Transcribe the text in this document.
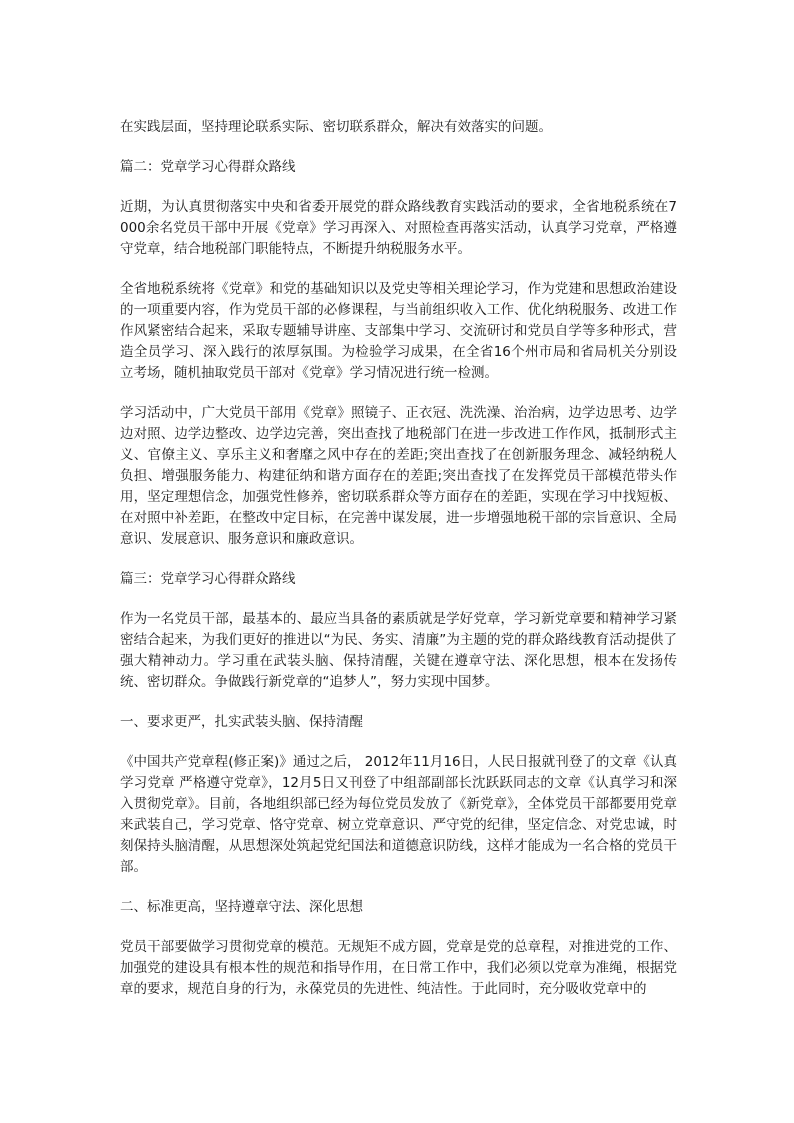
在实践层面，坚持理论联系实际、密切联系群众，解决有效落实的问题。

篇二：党章学习心得群众路线

近期，为认真贯彻落实中央和省委开展党的群众路线教育实践活动的要求，全省地税系统在7000余名党员干部中开展《党章》学习再深入、对照检查再落实活动，认真学习党章，严格遵守党章，结合地税部门职能特点，不断提升纳税服务水平。

全省地税系统将《党章》和党的基础知识以及党史等相关理论学习，作为党建和思想政治建设的一项重要内容，作为党员干部的必修课程，与当前组织收入工作、优化纳税服务、改进工作作风紧密结合起来，采取专题辅导讲座、支部集中学习、交流研讨和党员自学等多种形式，营造全员学习、深入践行的浓厚氛围。为检验学习成果，在全省16个州市局和省局机关分别设立考场，随机抽取党员干部对《党章》学习情况进行统一检测。

学习活动中，广大党员干部用《党章》照镜子、正衣冠、洗洗澡、治治病，边学边思考、边学边对照、边学边整改、边学边完善，突出查找了地税部门在进一步改进工作作风，抵制形式主义、官僚主义、享乐主义和奢靡之风中存在的差距;突出查找了在创新服务理念、减轻纳税人负担、增强服务能力、构建征纳和谐方面存在的差距;突出查找了在发挥党员干部模范带头作用，坚定理想信念，加强党性修养，密切联系群众等方面存在的差距，实现在学习中找短板、在对照中补差距，在整改中定目标，在完善中谋发展，进一步增强地税干部的宗旨意识、全局意识、发展意识、服务意识和廉政意识。

篇三：党章学习心得群众路线

作为一名党员干部，最基本的、最应当具备的素质就是学好党章，学习新党章要和精神学习紧密结合起来，为我们更好的推进以“为民、务实、清廉”为主题的党的群众路线教育活动提供了强大精神动力。学习重在武装头脑、保持清醒，关键在遵章守法、深化思想，根本在发扬传统、密切群众。争做践行新党章的“追梦人”，努力实现中国梦。

一、要求更严，扎实武装头脑、保持清醒

《中国共产党章程(修正案)》通过之后， 2012年11月16日，人民日报就刊登了的文章《认真学习党章 严格遵守党章》，12月5日又刊登了中组部副部长沈跃跃同志的文章《认真学习和深入贯彻党章》。目前，各地组织部已经为每位党员发放了《新党章》，全体党员干部都要用党章来武装自己，学习党章、恪守党章、树立党章意识、严守党的纪律，坚定信念、对党忠诚，时刻保持头脑清醒，从思想深处筑起党纪国法和道德意识防线，这样才能成为一名合格的党员干部。

二、标准更高，坚持遵章守法、深化思想

党员干部要做学习贯彻党章的模范。无规矩不成方圆，党章是党的总章程，对推进党的工作、加强党的建设具有根本性的规范和指导作用，在日常工作中，我们必须以党章为准绳，根据党章的要求，规范自身的行为，永葆党员的先进性、纯洁性。于此同时，充分吸收党章中的
